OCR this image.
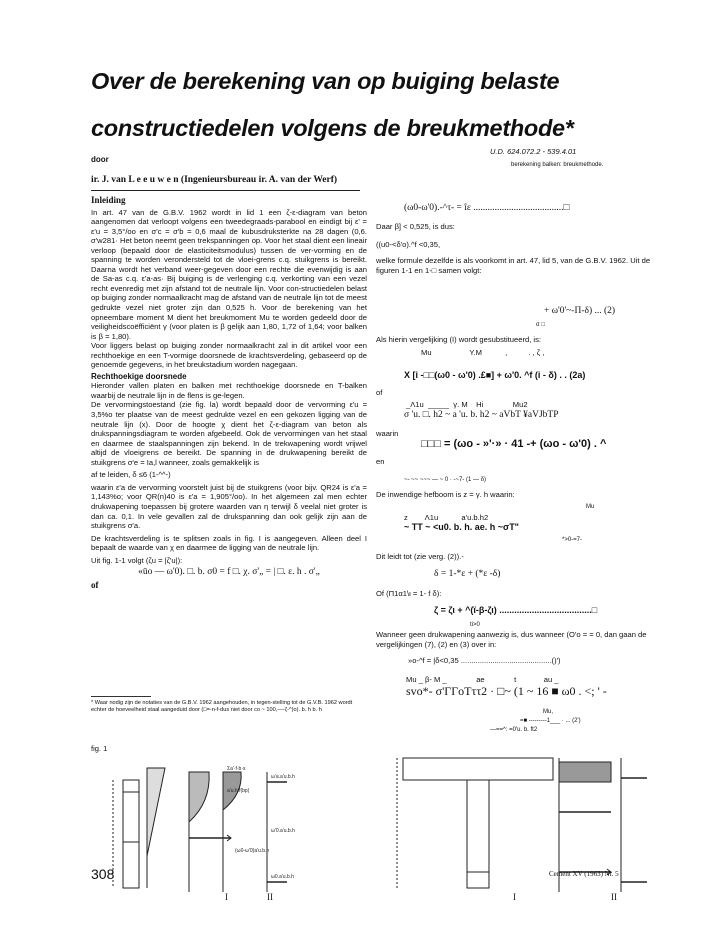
Over de berekening van op buiging belaste constructiedelen volgens de breukmethode*
U.D. 624.072.2 - 539.4.01
door
berekening balken: breukmethode.
ir. J. van L e e u w e n (Ingenieursbureau ir. A. van der Werf)
Inleiding

In art. 47 van de G.B.V. 1962 wordt in lid 1 een ζ-ε-diagram van beton aangenomen dat verloopt volgens een tweedegraads-parabool en eindigt bij ε' = ε'u = 3,5°/oo en σ'c = σ'b = 0,6 maal de kubusdruksterkte na 28 dagen (0,6. σ'w281· Het beton neemt geen trekspanningen op. Voor het staal dient een lineair verloop (bepaald door de elasticiteitsmodulus) tussen de ver-vorming en de spanning te worden verondersteld tot de vloei-grens c.q. stuikgrens is bereikt. Daarna wordt het verband weer-gegeven door een rechte die evenwijdig is aan de Sa-as c.q. ε'a-as· Bij buiging is de verlenging c.q. verkorting van een vezel recht evenredig met zijn afstand tot de neutrale lijn. Voor con-structiedelen belast op buiging zonder normaalkracht mag de afstand van de neutrale lijn tot de meest gedrukte vezel niet groter zijn dan 0,525 h. Voor de berekening van het opneembare moment M dient het breukmoment Mu te worden gedeeld door de veiligheidscoëfficiënt γ (voor platen is β gelijk aan 1,80, 1,72 of 1,64; voor balken is β = 1,80).

Voor liggers belast op buiging zonder normaalkracht zal in dit artikel voor een rechthoekige en een T-vormige doorsnede de krachtsverdeling, gebaseerd op de genoemde gegevens, in het breukstadium worden nagegaan.

Rechthoekige doorsnede

Hieronder vallen platen en balken met rechthoekige doorsnede en T-balken waarbij de neutrale lijn in de flens is ge-legen.

De vervormingstoestand (zie fig. la) wordt bepaald door de vervorming ε'u = 3,5%o ter plaatse van de meest gedrukte vezel en een gekozen ligging van de neutrale lijn (x). Door de hoogte χ dient het ζ-ε-diagram van beton als drukspanningsdiagram te worden afgebeeld. Ook de vervormingen van het staal en daarmee de staalspanningen zijn bekend. In de trekwapening wordt vrijwel altijd de vloeigrens σe bereikt. De spanning in de drukwapening bereikt de stuikgrens σ'e = Ia,l wanneer, zoals gemakkelijk is

af te leiden, δ ≤6 (1-^^-)

waarin ε'a de vervorming voorstelt juist bij de stuikgrens (voor bijv. QR24 is ε'a = 1,143%o; voor QR(n)40 is ε'a = 1,905°/oo). In het algemeen zal men echter drukwapening toepassen bij grotere waarden van η terwijl δ veelal niet groter is dan ca. 0,1. In vele gevallen zal de drukspanning dan ook gelijk zijn aan de stuikgrens σ'a.

De krachtsverdeling is te splitsen zoals in fig. I is aangegeven. Alleen deel I bepaalt de waarde van χ en daarmee de ligging van de neutrale lijn.

Uit fig. 1-1 volgt (ζu = |ζ'u|):

«ūo — ω'0). □. b. σ0 = f □. χ. σ'„ = | □. ε. h . σ'„
of
* Waar nodig zijn de notaties van de G.B.V. 1962 aangehouden, in tegen-stelling tot de G.V.B. 1962 wordt echter de hoeveelheid staal aangeduid door (□=-n-f-dus niet door co ~ 100,—-ζ-^)o). b. h b. h
(ω0-ω'0).-^τ- = îε ......................................□
Daar β] < 0,525, is dus:
((u0-<δ'o).^f <0,35,
welke formule dezelfde is als voorkomt in art. 47, lid 5, van de G.B.V. 1962. Uit de figuren 1-1 en 1-□ samen volgt:
+ ω'0'~-Π-δ) ... (2)
σ □
Als hierin vergelijking (I) wordt gesubstitueerd, is:
Mu                  Y.M           ,          . , ζ ,
X [i -□□(ω0 - ω'0) .£■] + ω'0. ^f (i - δ) . . (2a)
of
_Λ1u  _____  γ. M    Hi              Mu2
σ 'u. □. h2 ~ a 'u. b. h2 ~ aVbT ¥aVJbTP
waarin
□□□ = (ωo - »'·» · 41 -+ (ωo - ω'0) . ^
en
~- ~~ ~~~ — ~ 0 · -~7- (1 — δ)
De inwendige hefboom is z = γ. h waarin:
Mu
z        Λ1u           a'u.b.h2
~ ΤΤ ~ <u0. b. h. ae. h ~σT"
*>0-=7-
Dit leidt tot (zie verg. (2)).-
δ = 1-*ε + (*ε -δ)
Of (Π1α1\ι = 1- f δ):
ζ = ζι + ^(ϊ-β-ζι) .....................................□
ti>0
Wanneer geen drukwapening aanwezig is, dus wanneer (O'o = = 0, dan gaan de vergelijkingen (7), (2) en (3) over in:
»o-^f = |δ<0,35 ...........................................()')
Mu _ β- M _              ae              t             au _
svo*- σ'ΓΓοΤττ2 · □~ (1 ~ 16 ■ ω0 . <; ' -
Mu,
=■ ---------1___ · ... (2')
—==^: =0'u. b. ft2
fig. 1
Σa'·f·b·x
a'u.h.f(bp)
ω'a.a'u.b.h
ω'0.a'u.b.h
(ω0-ω'0)a'u.b.h
ω0.a'u.b.h
I	II	I	II
308	Cement XV (1963) Nr. 5
